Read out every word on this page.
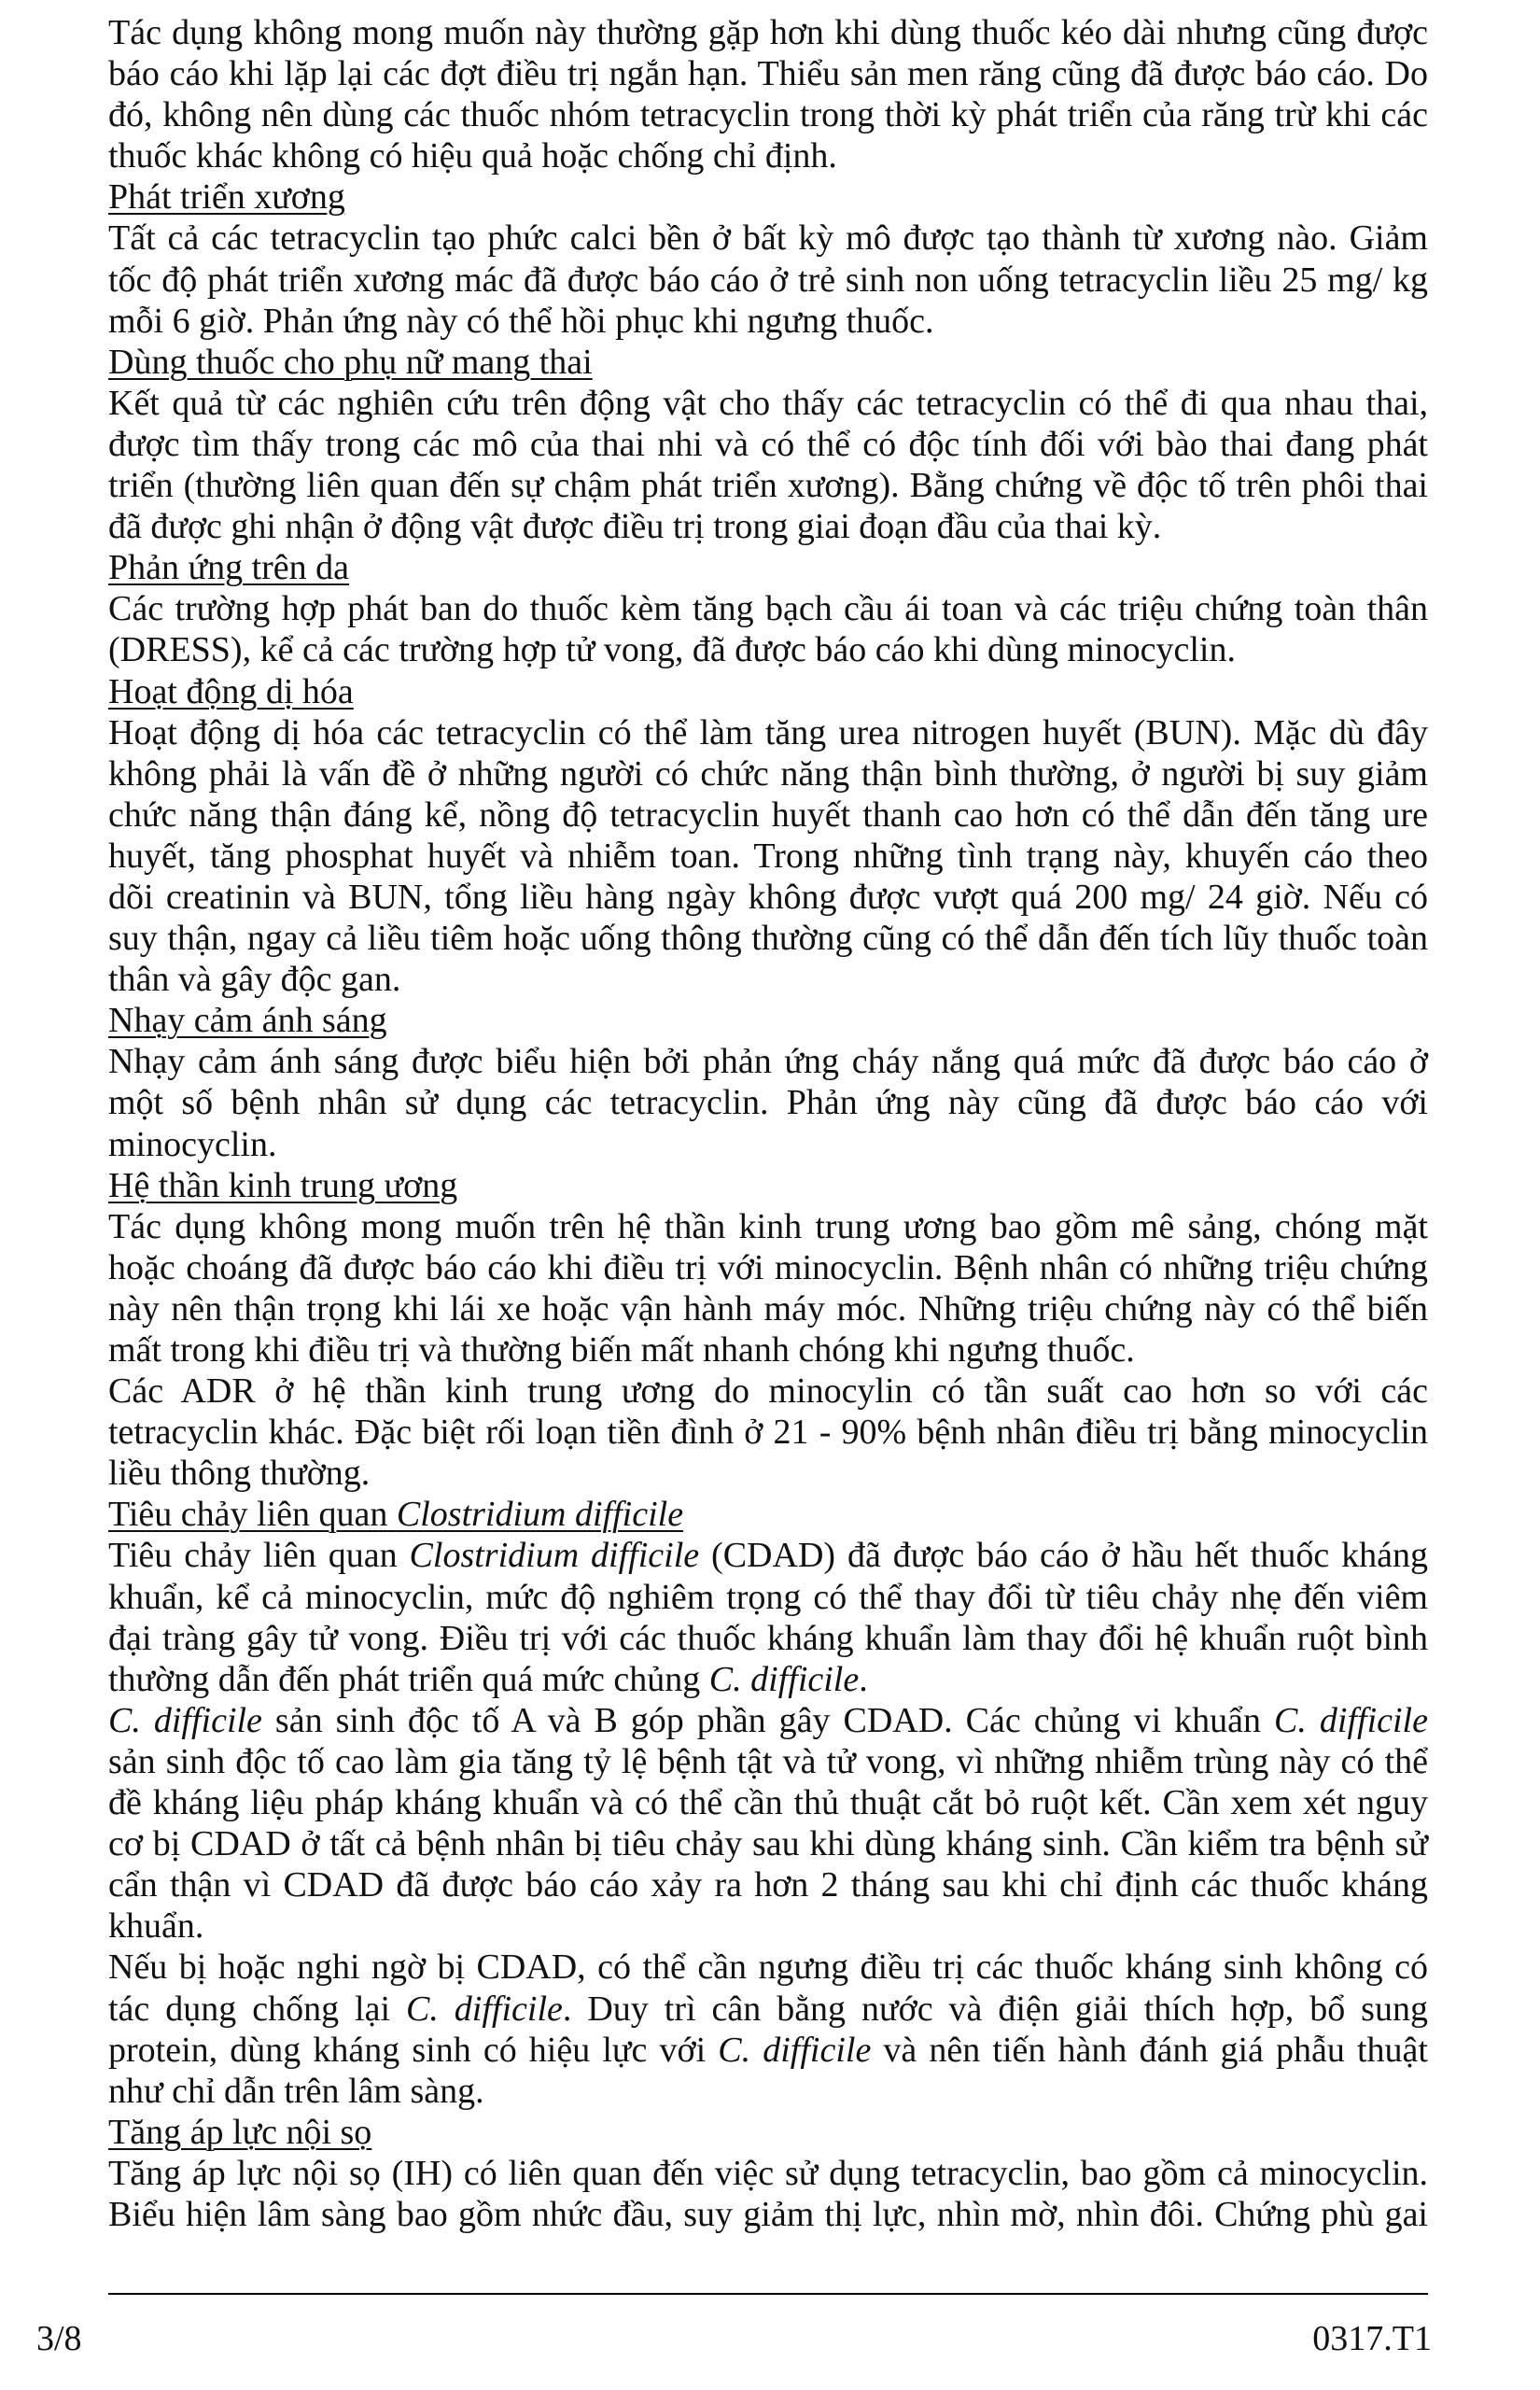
Tác dụng không mong muốn này thường gặp hơn khi dùng thuốc kéo dài nhưng cũng được
báo cáo khi lặp lại các đợt điều trị ngắn hạn. Thiểu sản men răng cũng đã được báo cáo. Do
đó, không nên dùng các thuốc nhóm tetracyclin trong thời kỳ phát triển của răng trừ khi các
thuốc khác không có hiệu quả hoặc chống chỉ định.
Phát triển xương
Tất cả các tetracyclin tạo phức calci bền ở bất kỳ mô được tạo thành từ xương nào. Giảm
tốc độ phát triển xương mác đã được báo cáo ở trẻ sinh non uống tetracyclin liều 25 mg/ kg
mỗi 6 giờ. Phản ứng này có thể hồi phục khi ngưng thuốc.
Dùng thuốc cho phụ nữ mang thai
Kết quả từ các nghiên cứu trên động vật cho thấy các tetracyclin có thể đi qua nhau thai,
được tìm thấy trong các mô của thai nhi và có thể có độc tính đối với bào thai đang phát
triển (thường liên quan đến sự chậm phát triển xương). Bằng chứng về độc tố trên phôi thai
đã được ghi nhận ở động vật được điều trị trong giai đoạn đầu của thai kỳ.
Phản ứng trên da
Các trường hợp phát ban do thuốc kèm tăng bạch cầu ái toan và các triệu chứng toàn thân
(DRESS), kể cả các trường hợp tử vong, đã được báo cáo khi dùng minocyclin.
Hoạt động dị hóa
Hoạt động dị hóa các tetracyclin có thể làm tăng urea nitrogen huyết (BUN). Mặc dù đây
không phải là vấn đề ở những người có chức năng thận bình thường, ở người bị suy giảm
chức năng thận đáng kể, nồng độ tetracyclin huyết thanh cao hơn có thể dẫn đến tăng ure
huyết, tăng phosphat huyết và nhiễm toan. Trong những tình trạng này, khuyến cáo theo
dõi creatinin và BUN, tổng liều hàng ngày không được vượt quá 200 mg/ 24 giờ. Nếu có
suy thận, ngay cả liều tiêm hoặc uống thông thường cũng có thể dẫn đến tích lũy thuốc toàn
thân và gây độc gan.
Nhạy cảm ánh sáng
Nhạy cảm ánh sáng được biểu hiện bởi phản ứng cháy nắng quá mức đã được báo cáo ở
một số bệnh nhân sử dụng các tetracyclin. Phản ứng này cũng đã được báo cáo với
minocyclin.
Hệ thần kinh trung ương
Tác dụng không mong muốn trên hệ thần kinh trung ương bao gồm mê sảng, chóng mặt
hoặc choáng đã được báo cáo khi điều trị với minocyclin. Bệnh nhân có những triệu chứng
này nên thận trọng khi lái xe hoặc vận hành máy móc. Những triệu chứng này có thể biến
mất trong khi điều trị và thường biến mất nhanh chóng khi ngưng thuốc.
Các ADR ở hệ thần kinh trung ương do minocylin có tần suất cao hơn so với các
tetracyclin khác. Đặc biệt rối loạn tiền đình ở 21 - 90% bệnh nhân điều trị bằng minocyclin
liều thông thường.
Tiêu chảy liên quan Clostridium difficile
Tiêu chảy liên quan Clostridium difficile (CDAD) đã được báo cáo ở hầu hết thuốc kháng
khuẩn, kể cả minocyclin, mức độ nghiêm trọng có thể thay đổi từ tiêu chảy nhẹ đến viêm
đại tràng gây tử vong. Điều trị với các thuốc kháng khuẩn làm thay đổi hệ khuẩn ruột bình
thường dẫn đến phát triển quá mức chủng C. difficile.
C. difficile sản sinh độc tố A và B góp phần gây CDAD. Các chủng vi khuẩn C. difficile
sản sinh độc tố cao làm gia tăng tỷ lệ bệnh tật và tử vong, vì những nhiễm trùng này có thể
đề kháng liệu pháp kháng khuẩn và có thể cần thủ thuật cắt bỏ ruột kết. Cần xem xét nguy
cơ bị CDAD ở tất cả bệnh nhân bị tiêu chảy sau khi dùng kháng sinh. Cần kiểm tra bệnh sử
cẩn thận vì CDAD đã được báo cáo xảy ra hơn 2 tháng sau khi chỉ định các thuốc kháng
khuẩn.
Nếu bị hoặc nghi ngờ bị CDAD, có thể cần ngưng điều trị các thuốc kháng sinh không có
tác dụng chống lại C. difficile. Duy trì cân bằng nước và điện giải thích hợp, bổ sung
protein, dùng kháng sinh có hiệu lực với C. difficile và nên tiến hành đánh giá phẫu thuật
như chỉ dẫn trên lâm sàng.
Tăng áp lực nội sọ
Tăng áp lực nội sọ (IH) có liên quan đến việc sử dụng tetracyclin, bao gồm cả minocyclin.
Biểu hiện lâm sàng bao gồm nhức đầu, suy giảm thị lực, nhìn mờ, nhìn đôi. Chứng phù gai
3/8	0317.T1
